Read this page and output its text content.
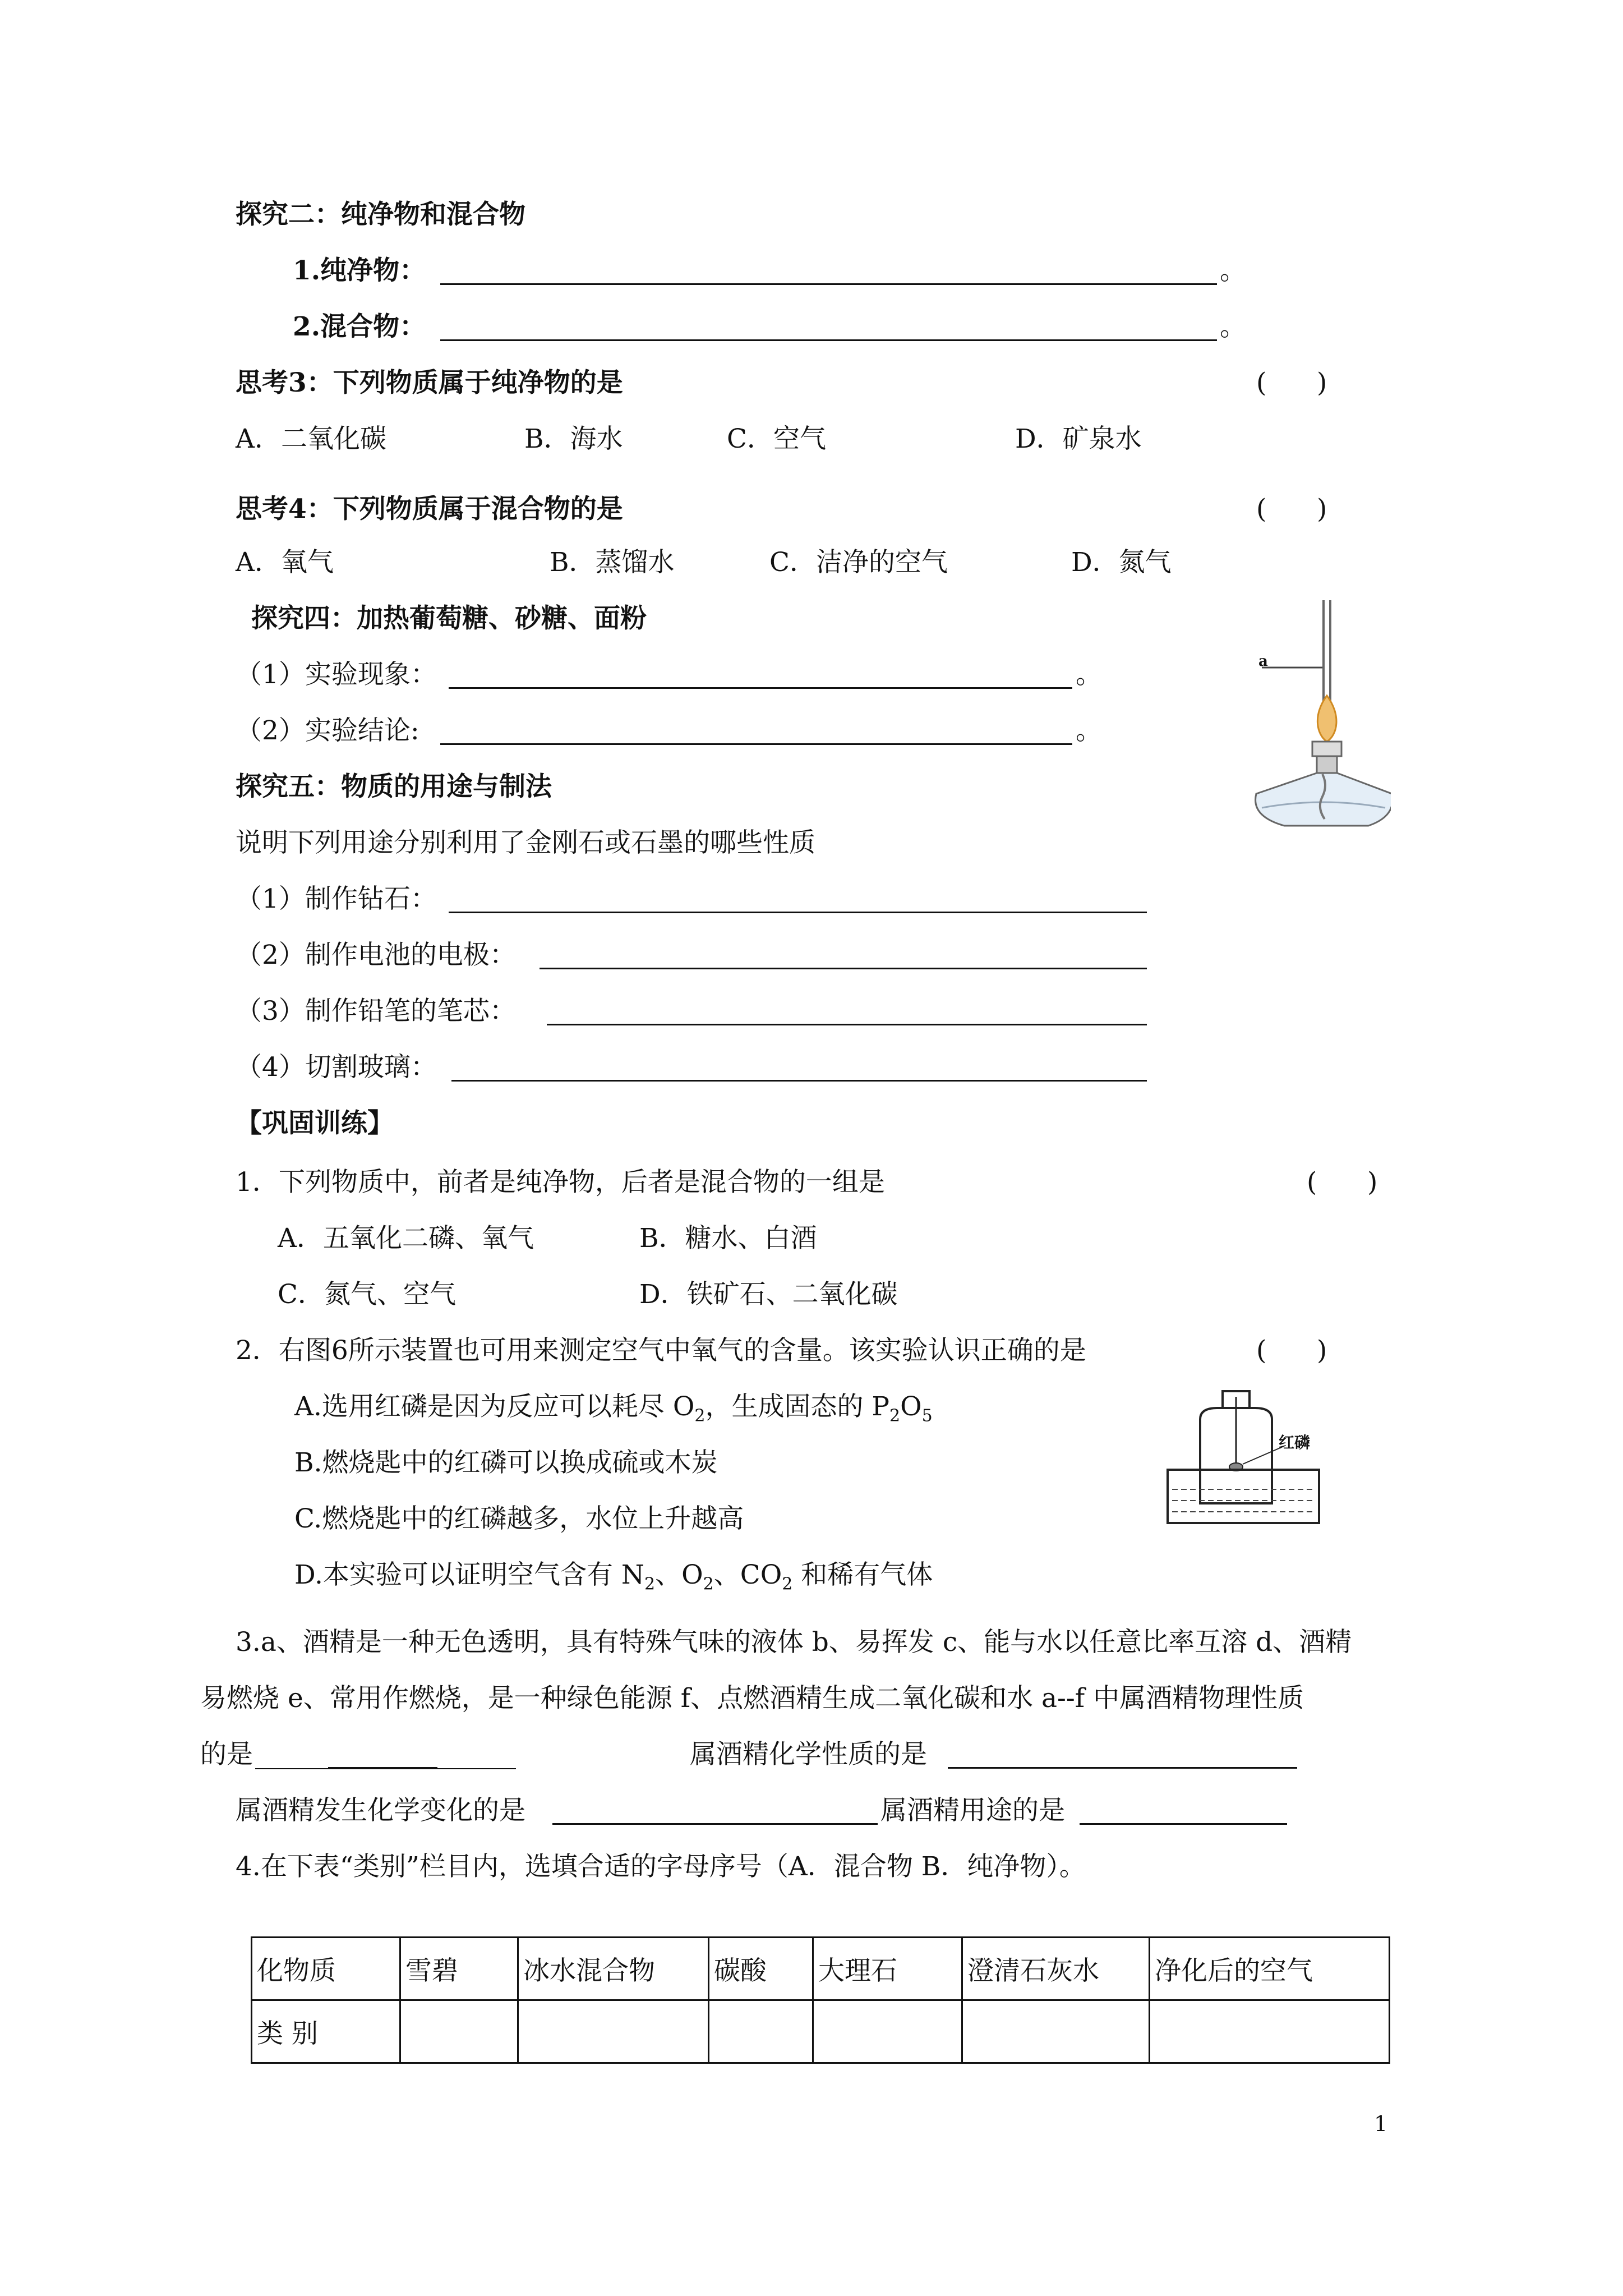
探究二：纯净物和混合物
1.纯净物：	。
2.混合物：	。
思考3：下列物质属于纯净物的是	(      )
A．二氧化碳	B．海水	C．空气	D．矿泉水
思考4：下列物质属于混合物的是	(      )
A．氧气	B．蒸馏水	C．洁净的空气	D．氮气
探究四：加热葡萄糖、砂糖、面粉
（1）实验现象：	。
（2）实验结论:	。
a
探究五：物质的用途与制法
说明下列用途分别利用了金刚石或石墨的哪些性质
（1）制作钻石：
（2）制作电池的电极：
（3）制作铅笔的笔芯：
（4）切割玻璃：
【巩固训练】
1．下列物质中，前者是纯净物，后者是混合物的一组是	(      )
A．五氧化二磷、氧气	B．糖水、白酒
C．氮气、空气	D．铁矿石、二氧化碳
2．右图6所示装置也可用来测定空气中氧气的含量。该实验认识正确的是	(      )
A.选用红磷是因为反应可以耗尽 $O_2$，生成固态的 $P_2O_5$
B.燃烧匙中的红磷可以换成硫或木炭
C.燃烧匙中的红磷越多，水位上升越高
D.本实验可以证明空气含有 $N_2$、$O_2$、$CO_2$ 和稀有气体
红磷
3.a、酒精是一种无色透明，具有特殊气味的液体 b、易挥发 c、能与水以任意比率互溶 d、酒精
易燃烧 e、常用作燃烧，是一种绿色能源 f、点燃酒精生成二氧化碳和水 a--f 中属酒精物理性质
的是	属酒精化学性质的是
属酒精发生化学变化的是	属酒精用途的是
4.在下表“类别”栏目内，选填合适的字母序号（A．混合物 B．纯净物）。
化物质	雪碧	冰水混合物	碳酸	大理石	澄清石灰水	净化后的空气
类 别						
1
